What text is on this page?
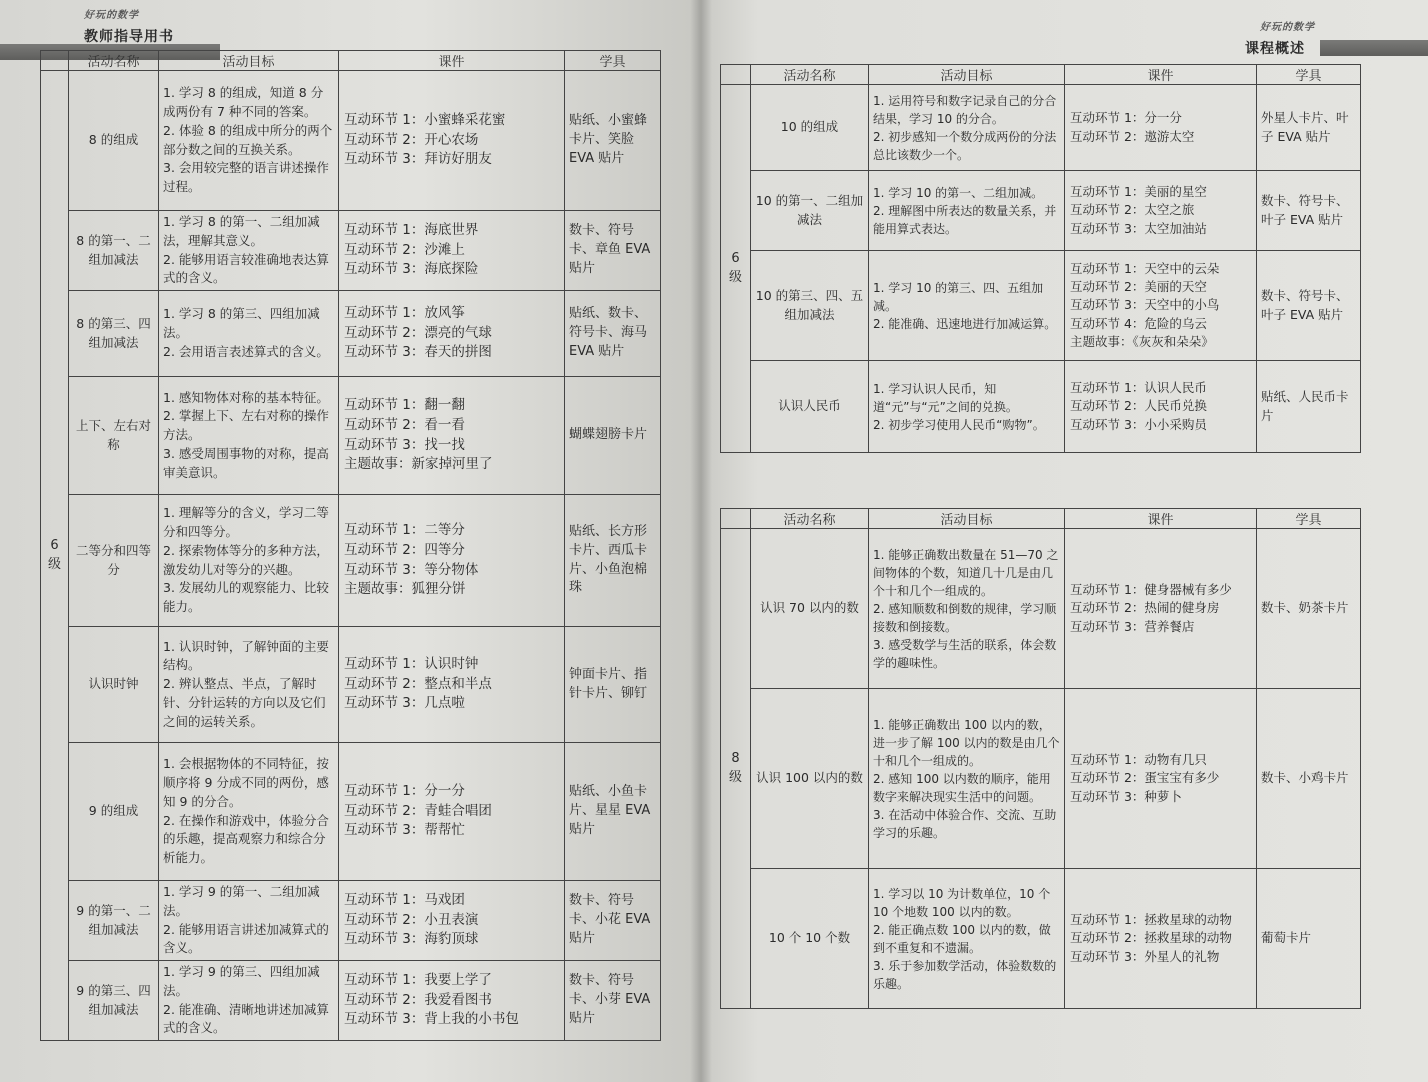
好玩的数学
教师指导用书
	活动名称	活动目标	课件	学具

6
级	8 的组成	1. 学习 8 的组成，知道 8 分成两份有 7 种不同的答案。
2. 体验 8 的组成中所分的两个部分数之间的互换关系。
3. 会用较完整的语言讲述操作过程。	互动环节 1：小蜜蜂采花蜜
互动环节 2：开心农场
互动环节 3：拜访好朋友	贴纸、小蜜蜂卡片、笑脸 EVA 贴片
	8 的第一、二组加减法	1. 学习 8 的第一、二组加减法，理解其意义。
2. 能够用语言较准确地表达算式的含义。	互动环节 1：海底世界
互动环节 2：沙滩上
互动环节 3：海底探险	数卡、符号卡、章鱼 EVA 贴片
	8 的第三、四组加减法	1. 学习 8 的第三、四组加减法。
2. 会用语言表述算式的含义。	互动环节 1：放风筝
互动环节 2：漂亮的气球
互动环节 3：春天的拼图	贴纸、数卡、符号卡、海马 EVA 贴片
	上下、左右对称	1. 感知物体对称的基本特征。
2. 掌握上下、左右对称的操作方法。
3. 感受周围事物的对称，提高审美意识。	互动环节 1：翻一翻
互动环节 2：看一看
互动环节 3：找一找
主题故事：新家掉河里了	蝴蝶翅膀卡片
	二等分和四等分	1. 理解等分的含义，学习二等分和四等分。
2. 探索物体等分的多种方法，激发幼儿对等分的兴趣。
3. 发展幼儿的观察能力、比较能力。	互动环节 1：二等分
互动环节 2：四等分
互动环节 3：等分物体
主题故事：狐狸分饼	贴纸、长方形卡片、西瓜卡片、小鱼泡棉珠
	认识时钟	1. 认识时钟，了解钟面的主要结构。
2. 辨认整点、半点，了解时针、分针运转的方向以及它们之间的运转关系。	互动环节 1：认识时钟
互动环节 2：整点和半点
互动环节 3：几点啦	钟面卡片、指针卡片、铆钉
	9 的组成	1. 会根据物体的不同特征，按顺序将 9 分成不同的两份，感知 9 的分合。
2. 在操作和游戏中，体验分合的乐趣，提高观察力和综合分析能力。	互动环节 1：分一分
互动环节 2：青蛙合唱团
互动环节 3：帮帮忙	贴纸、小鱼卡片、星星 EVA 贴片
	9 的第一、二组加减法	1. 学习 9 的第一、二组加减法。
2. 能够用语言讲述加减算式的含义。	互动环节 1：马戏团
互动环节 2：小丑表演
互动环节 3：海豹顶球	数卡、符号卡、小花 EVA 贴片
	9 的第三、四组加减法	1. 学习 9 的第三、四组加减法。
2. 能准确、清晰地讲述加减算式的含义。	互动环节 1：我要上学了
互动环节 2：我爱看图书
互动环节 3：背上我的小书包	数卡、符号卡、小芽 EVA 贴片
好玩的数学
课程概述
	活动名称	活动目标	课件	学具

6
级	10 的组成	1. 运用符号和数字记录自己的分合结果，学习 10 的分合。
2. 初步感知一个数分成两份的分法总比该数少一个。	互动环节 1：分一分
互动环节 2：遨游太空	外星人卡片、叶子 EVA 贴片
	10 的第一、二组加减法	1. 学习 10 的第一、二组加减。
2. 理解图中所表达的数量关系，并能用算式表达。	互动环节 1：美丽的星空
互动环节 2：太空之旅
互动环节 3：太空加油站	数卡、符号卡、叶子 EVA 贴片
	10 的第三、四、五组加减法	1. 学习 10 的第三、四、五组加减。
2. 能准确、迅速地进行加减运算。	互动环节 1：天空中的云朵
互动环节 2：美丽的天空
互动环节 3：天空中的小鸟
互动环节 4：危险的乌云
主题故事：《灰灰和朵朵》	数卡、符号卡、叶子 EVA 贴片
	认识人民币	1. 学习认识人民币，知道“元”与“元”之间的兑换。
2. 初步学习使用人民币“购物”。	互动环节 1：认识人民币
互动环节 2：人民币兑换
互动环节 3：小小采购员	贴纸、人民币卡片
	活动名称	活动目标	课件	学具

8
级	认识 70 以内的数	1. 能够正确数出数量在 51—70 之间物体的个数，知道几十几是由几个十和几个一组成的。
2. 感知顺数和倒数的规律，学习顺接数和倒接数。
3. 感受数学与生活的联系，体会数学的趣味性。	互动环节 1：健身器械有多少
互动环节 2：热闹的健身房
互动环节 3：营养餐店	数卡、奶茶卡片
	认识 100 以内的数	1. 能够正确数出 100 以内的数，进一步了解 100 以内的数是由几个十和几个一组成的。
2. 感知 100 以内数的顺序，能用数字来解决现实生活中的问题。
3. 在活动中体验合作、交流、互助学习的乐趣。	互动环节 1：动物有几只
互动环节 2：蛋宝宝有多少
互动环节 3：种萝卜	数卡、小鸡卡片
	10 个 10 个数	1. 学习以 10 为计数单位，10 个 10 个地数 100 以内的数。
2. 能正确点数 100 以内的数，做到不重复和不遗漏。
3. 乐于参加数学活动，体验数数的乐趣。	互动环节 1：拯救星球的动物
互动环节 2：拯救星球的动物
互动环节 3：外星人的礼物	葡萄卡片
